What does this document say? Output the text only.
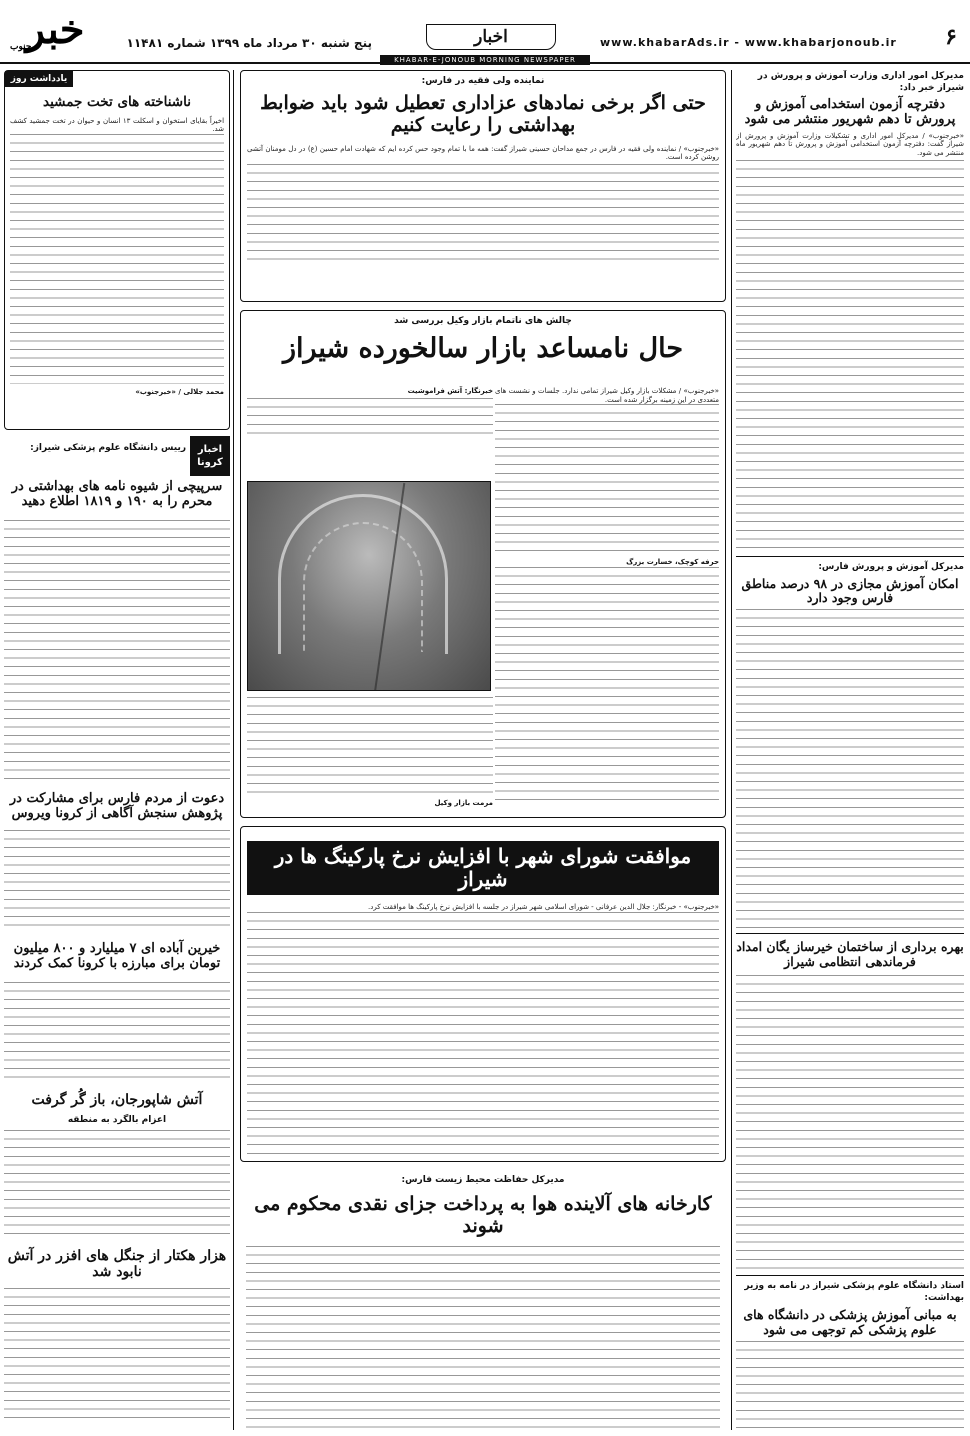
خبر
جنوب	پنج شنبه ۳۰ مرداد ماه ۱۳۹۹ شماره ۱۱۴۸۱	اخبار	www.khabarAds.ir - www.khabarjonoub.ir	۶
KHABAR-E-JONOUB MORNING NEWSPAPER
مدیرکل امور اداری وزارت آموزش و پرورش در شیراز خبر داد:
دفترچه آزمون استخدامی آموزش و پرورش تا دهم شهریور منتشر می شود
«خبرجنوب» / مدیرکل امور اداری و تشکیلات وزارت آموزش و پرورش از شیراز گفت: دفترچه آزمون استخدامی آموزش و پرورش تا دهم شهریور ماه منتشر می شود.
مدیرکل آموزش و پرورش فارس:
امکان آموزش مجازی در ۹۸ درصد مناطق فارس وجود دارد
بهره برداری از ساختمان خیرساز یگان امداد فرماندهی انتظامی شیراز
استاد دانشگاه علوم پزشکی شیراز در نامه به وزیر بهداشت:
به مبانی آموزش پزشکی در دانشگاه های علوم پزشکی کم توجهی می شود
نماینده ولی فقیه در فارس:
حتی اگر برخی نمادهای عزاداری تعطیل شود باید ضوابط بهداشتی را رعایت کنیم
«خبرجنوب» / نماینده ولی فقیه در فارس در جمع مداحان حسینی شیراز گفت: همه ما با تمام وجود حس کرده ایم که شهادت امام حسین (ع) در دل مومنان آتشی روشن کرده است.
چالش های ناتمام بازار وکیل بررسی شد
حال نامساعد بازار سالخورده شیراز
«خبرجنوب» / مشکلات بازار وکیل شیراز تمامی ندارد. جلسات و نشست های متعددی در این زمینه برگزار شده است.
حرفه کوچک، خسارت بزرگ
خبرنگار: آتش فراموشیت
مرمت بازار وکیل
موافقت شورای شهر با افزایش نرخ پارکینگ ها در شیراز
«خبرجنوب» - خبرنگار: جلال الدین عرفانی - شورای اسلامی شهر شیراز در جلسه با افزایش نرخ پارکینگ ها موافقت کرد.
مدیرکل حفاظت محیط زیست فارس:
کارخانه های آلاینده هوا به پرداخت جزای نقدی محکوم می شوند
یادداشت روز
ناشناخته های تخت جمشید
اخیراً بقایای استخوان و اسکلت ۱۳ انسان و حیوان در تخت جمشید کشف شد.
محمد جلالی / «خبرجنوب»
اخبار کرونا
رییس دانشگاه علوم پزشکی شیراز:
سرپیچی از شیوه نامه های بهداشتی در محرم را به ۱۹۰ و ۱۸۱۹ اطلاع دهید
دعوت از مردم فارس برای مشارکت در پژوهش سنجش آگاهی از کرونا ویروس
خیرین آباده ای ۷ میلیارد و ۸۰۰ میلیون تومان برای مبارزه با کرونا کمک کردند
آتش شاپورجان، باز گُر گرفت
اعزام بالگرد به منطقه
هزار هکتار از جنگل های افزر در آتش نابود شد
